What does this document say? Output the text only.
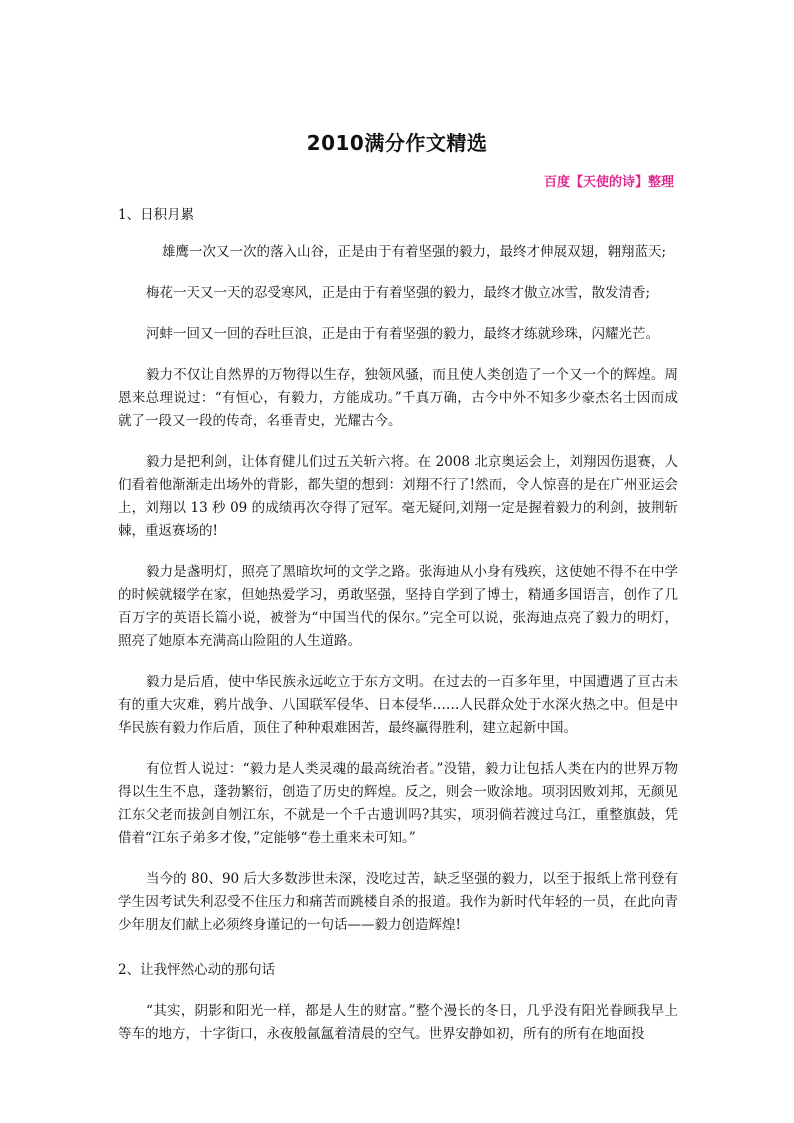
2010满分作文精选
百度【天使的诗】整理
1、日积月累

雄鹰一次又一次的落入山谷，正是由于有着坚强的毅力，最终才伸展双翅，翱翔蓝天;

梅花一天又一天的忍受寒风，正是由于有着坚强的毅力，最终才傲立冰雪，散发清香;

河蚌一回又一回的吞吐巨浪，正是由于有着坚强的毅力，最终才练就珍珠，闪耀光芒。

毅力不仅让自然界的万物得以生存，独领风骚，而且使人类创造了一个又一个的辉煌。周恩来总理说过：“有恒心，有毅力，方能成功。”千真万确，古今中外不知多少豪杰名士因而成就了一段又一段的传奇，名垂青史，光耀古今。

毅力是把利剑，让体育健儿们过五关斩六将。在 2008 北京奥运会上，刘翔因伤退赛，人们看着他渐渐走出场外的背影，都失望的想到：刘翔不行了!然而，令人惊喜的是在广州亚运会上，刘翔以 13 秒 09 的成绩再次夺得了冠军。毫无疑问,刘翔一定是握着毅力的利剑，披荆斩棘，重返赛场的!

毅力是盏明灯，照亮了黑暗坎坷的文学之路。张海迪从小身有残疾，这使她不得不在中学的时候就辍学在家，但她热爱学习，勇敢坚强，坚持自学到了博士，精通多国语言，创作了几百万字的英语长篇小说，被誉为“中国当代的保尔。”完全可以说，张海迪点亮了毅力的明灯，照亮了她原本充满高山险阻的人生道路。

毅力是后盾，使中华民族永远屹立于东方文明。在过去的一百多年里，中国遭遇了亘古未有的重大灾难，鸦片战争、八国联军侵华、日本侵华……人民群众处于水深火热之中。但是中华民族有毅力作后盾，顶住了种种艰难困苦，最终赢得胜利，建立起新中国。

有位哲人说过：“毅力是人类灵魂的最高统治者。”没错，毅力让包括人类在内的世界万物得以生生不息，蓬勃繁衍，创造了历史的辉煌。反之，则会一败涂地。项羽因败刘邦，无颜见江东父老而拔剑自刎江东，不就是一个千古遗训吗?其实，项羽倘若渡过乌江，重整旗鼓，凭借着“江东子弟多才俊，”定能够“卷土重来未可知。”

当今的 80、90 后大多数涉世未深，没吃过苦，缺乏坚强的毅力，以至于报纸上常刊登有学生因考试失利忍受不住压力和痛苦而跳楼自杀的报道。我作为新时代年轻的一员，在此向青少年朋友们献上必须终身谨记的一句话——毅力创造辉煌!

2、让我怦然心动的那句话

“其实，阴影和阳光一样，都是人生的财富。”整个漫长的冬日，几乎没有阳光眷顾我早上等车的地方，十字街口，永夜般氤氲着清晨的空气。世界安静如初，所有的所有在地面投
